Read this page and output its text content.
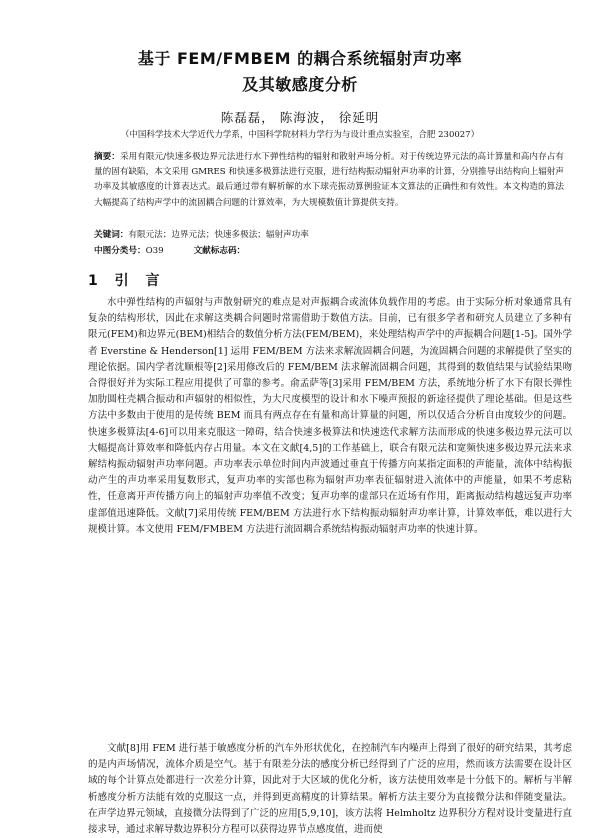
基于 FEM/FMBEM 的耦合系统辐射声功率
及其敏感度分析
陈磊磊， 陈海波， 徐延明
（中国科学技术大学近代力学系，中国科学院材料力学行为与设计重点实验室，合肥 230027）
摘要：采用有限元/快速多极边界元法进行水下弹性结构的辐射和散射声场分析。对于传统边界元法的高计算量和高内存占有量的固有缺陷，本文采用 GMRES 和快速多极算法进行克服，进行结构振动辐射声功率的计算，分别推导出结构向上辐射声功率及其敏感度的计算表达式。最后通过带有解析解的水下球壳振动算例验证本文算法的正确性和有效性。本文构造的算法大幅提高了结构声学中的流固耦合问题的计算效率，为大规模数值计算提供支持。
关键词：有限元法；边界元法；快速多极法；辐射声功率
中图分类号：O39	文献标志码：
1 引 言

水中弹性结构的声辐射与声散射研究的难点是对声振耦合或流体负载作用的考虑。由于实际分析对象通常具有复杂的结构形状，因此在求解这类耦合问题时常需借助于数值方法。目前，已有很多学者和研究人员建立了多种有限元(FEM)和边界元(BEM)相结合的数值分析方法(FEM/BEM)，来处理结构声学中的声振耦合问题[1-5]。国外学者 Everstine & Henderson[1] 运用 FEM/BEM 方法来求解流固耦合问题，为流固耦合问题的求解提供了坚实的理论依据。国内学者沈顺根等[2]采用修改后的 FEM/BEM 法求解流固耦合问题，其得到的数值结果与试验结果吻合得很好并为实际工程应用提供了可靠的参考。俞孟萨等[3]采用 FEM/BEM 方法，系统地分析了水下有限长弹性加肋圆柱壳耦合振动和声辐射的相似性，为大尺度模型的设计和水下噪声预报的新途径提供了理论基础。但是这些方法中多数由于使用的是传统 BEM 而具有两点存在有量和高计算量的问题，所以仅适合分析自由度较少的问题。快速多极算法[4-6]可以用来克服这一障碍，结合快速多极算法和快速迭代求解方法而形成的快速多极边界元法可以大幅提高计算效率和降低内存占用量。本文在文献[4,5]的工作基础上，联合有限元法和宽频快速多极边界元法来求解结构振动辐射声功率问题。声功率表示单位时间内声波通过垂直于传播方向某指定面积的声能量，流体中结构振动产生的声功率采用复数形式，复声功率的实部也称为辐射声功率表征辐射进入流体中的声能量，如果不考虑粘性，任意离开声传播方向上的辐射声功率值不改变；复声功率的虚部只在近场有作用，距离振动结构越远复声功率虚部值迅速降低。文献[7]采用传统 FEM/BEM 方法进行水下结构振动辐射声功率计算，计算效率低，难以进行大规模计算。本文使用 FEM/FMBEM 方法进行流固耦合系统结构振动辐射声功率的快速计算。

文献[8]用 FEM 进行基于敏感度分析的汽车外形状优化，在控制汽车内噪声上得到了很好的研究结果，其考虑的是内声场情况，流体介质是空气。基于有限差分法的感度分析已经得到了广泛的应用，然而该方法需要在设计区域的每个计算点处都进行一次差分计算，因此对于大区域的优化分析，该方法使用效率是十分低下的。解析与半解析感度分析方法能有效的克服这一点，并得到更高精度的计算结果。解析方法主要分为直接微分法和伴随变量法。在声学边界元领域，直接微分法得到了广泛的应用[5,9,10]，该方法将 Helmholtz 边界积分方程对设计变量进行直接求导，通过求解导数边界积分方程可以获得边界节点感度值，进而使
